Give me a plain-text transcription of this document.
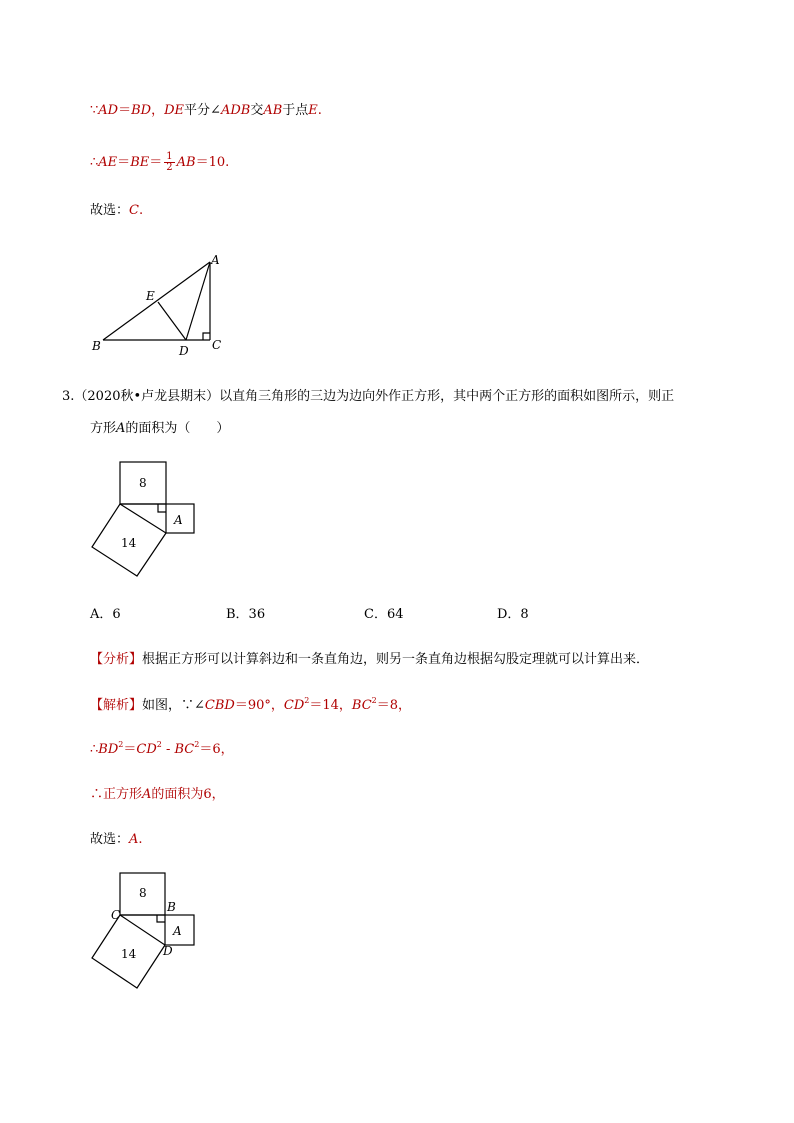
∵AD＝BD，DE平分∠ADB交AB于点E.
∴AE＝BE＝ $\frac{1}{2} AB=10$.
故选：C.
A
B	C
D
E
3.（2020秋•卢龙县期末）以直角三角形的三边为边向外作正方形，其中两个正方形的面积如图所示，则正
方形A的面积为（　　）
8
A
14
A．6	B．36	C．64	D．8
【分析】根据正方形可以计算斜边和一条直角边，则另一条直角边根据勾股定理就可以计算出来．
【解析】如图，∵∠CBD＝90°，$CD^2=14$，$BC^2=8$，
$\therefore BD^2=CD^2 - BC^2=6$，
∴正方形A的面积为6，
故选：A.
8
A
14
C
B
D
